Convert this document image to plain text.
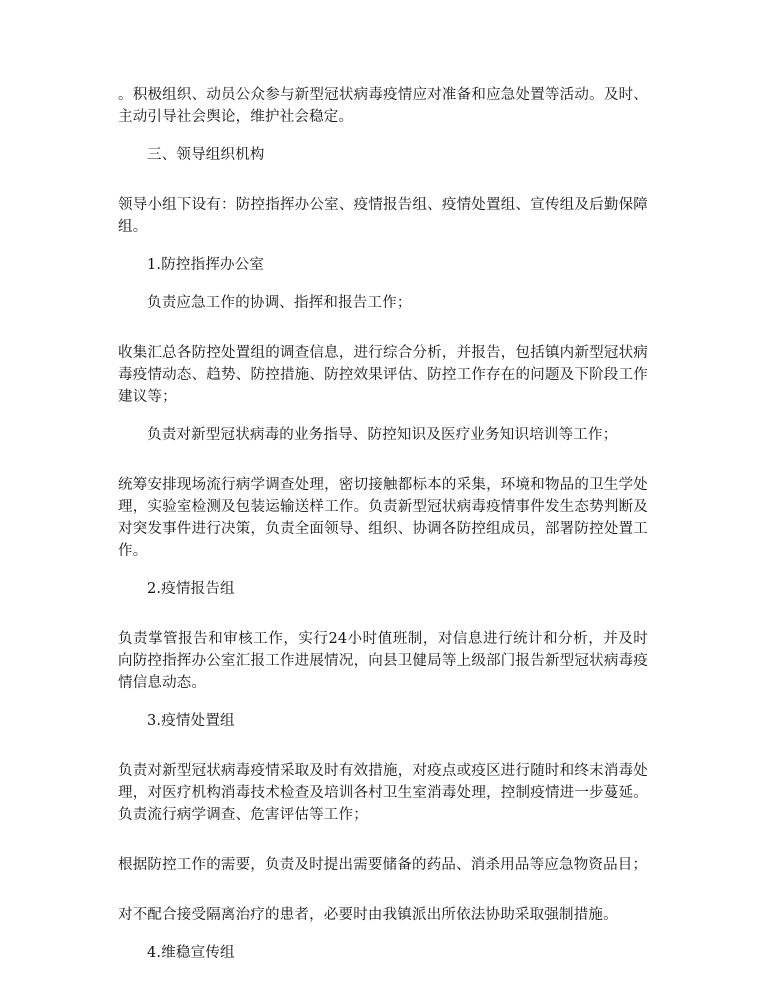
。积极组织、动员公众参与新型冠状病毒疫情应对准备和应急处置等活动。及时、主动引导社会舆论，维护社会稳定。

三、领导组织机构

领导小组下设有：防控指挥办公室、疫情报告组、疫情处置组、宣传组及后勤保障组。

1.防控指挥办公室

负责应急工作的协调、指挥和报告工作；

收集汇总各防控处置组的调查信息，进行综合分析，并报告，包括镇内新型冠状病毒疫情动态、趋势、防控措施、防控效果评估、防控工作存在的问题及下阶段工作建议等；

负责对新型冠状病毒的业务指导、防控知识及医疗业务知识培训等工作；

统筹安排现场流行病学调查处理，密切接触都标本的采集，环境和物品的卫生学处理，实验室检测及包装运输送样工作。负责新型冠状病毒疫情事件发生态势判断及对突发事件进行决策，负责全面领导、组织、协调各防控组成员，部署防控处置工作。

2.疫情报告组

负责掌管报告和审核工作，实行24小时值班制，对信息进行统计和分析，并及时向防控指挥办公室汇报工作进展情况，向县卫健局等上级部门报告新型冠状病毒疫情信息动态。

3.疫情处置组

负责对新型冠状病毒疫情采取及时有效措施，对疫点或疫区进行随时和终末消毒处理，对医疗机构消毒技术检查及培训各村卫生室消毒处理，控制疫情进一步蔓延。负责流行病学调查、危害评估等工作；

根据防控工作的需要，负责及时提出需要储备的药品、消杀用品等应急物资品目；

对不配合接受隔离治疗的患者，必要时由我镇派出所依法协助采取强制措施。

4.维稳宣传组
